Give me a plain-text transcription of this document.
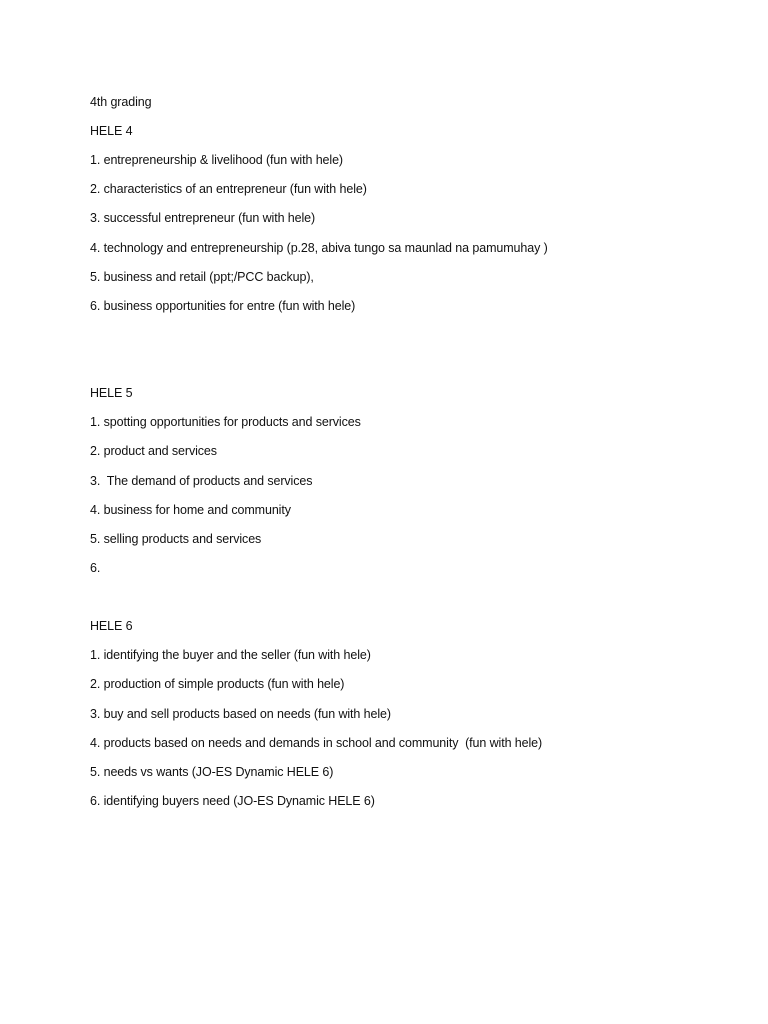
4th grading
HELE 4
1. entrepreneurship & livelihood (fun with hele)
2. characteristics of an entrepreneur (fun with hele)
3. successful entrepreneur (fun with hele)
4. technology and entrepreneurship (p.28, abiva tungo sa maunlad na pamumuhay )
5. business and retail (ppt;/PCC backup),
6. business opportunities for entre (fun with hele)
HELE 5
1. spotting opportunities for products and services
2. product and services
3.  The demand of products and services
4. business for home and community
5. selling products and services
6.
HELE 6
1. identifying the buyer and the seller (fun with hele)
2. production of simple products (fun with hele)
3. buy and sell products based on needs (fun with hele)
4. products based on needs and demands in school and community  (fun with hele)
5. needs vs wants (JO-ES Dynamic HELE 6)
6. identifying buyers need (JO-ES Dynamic HELE 6)
